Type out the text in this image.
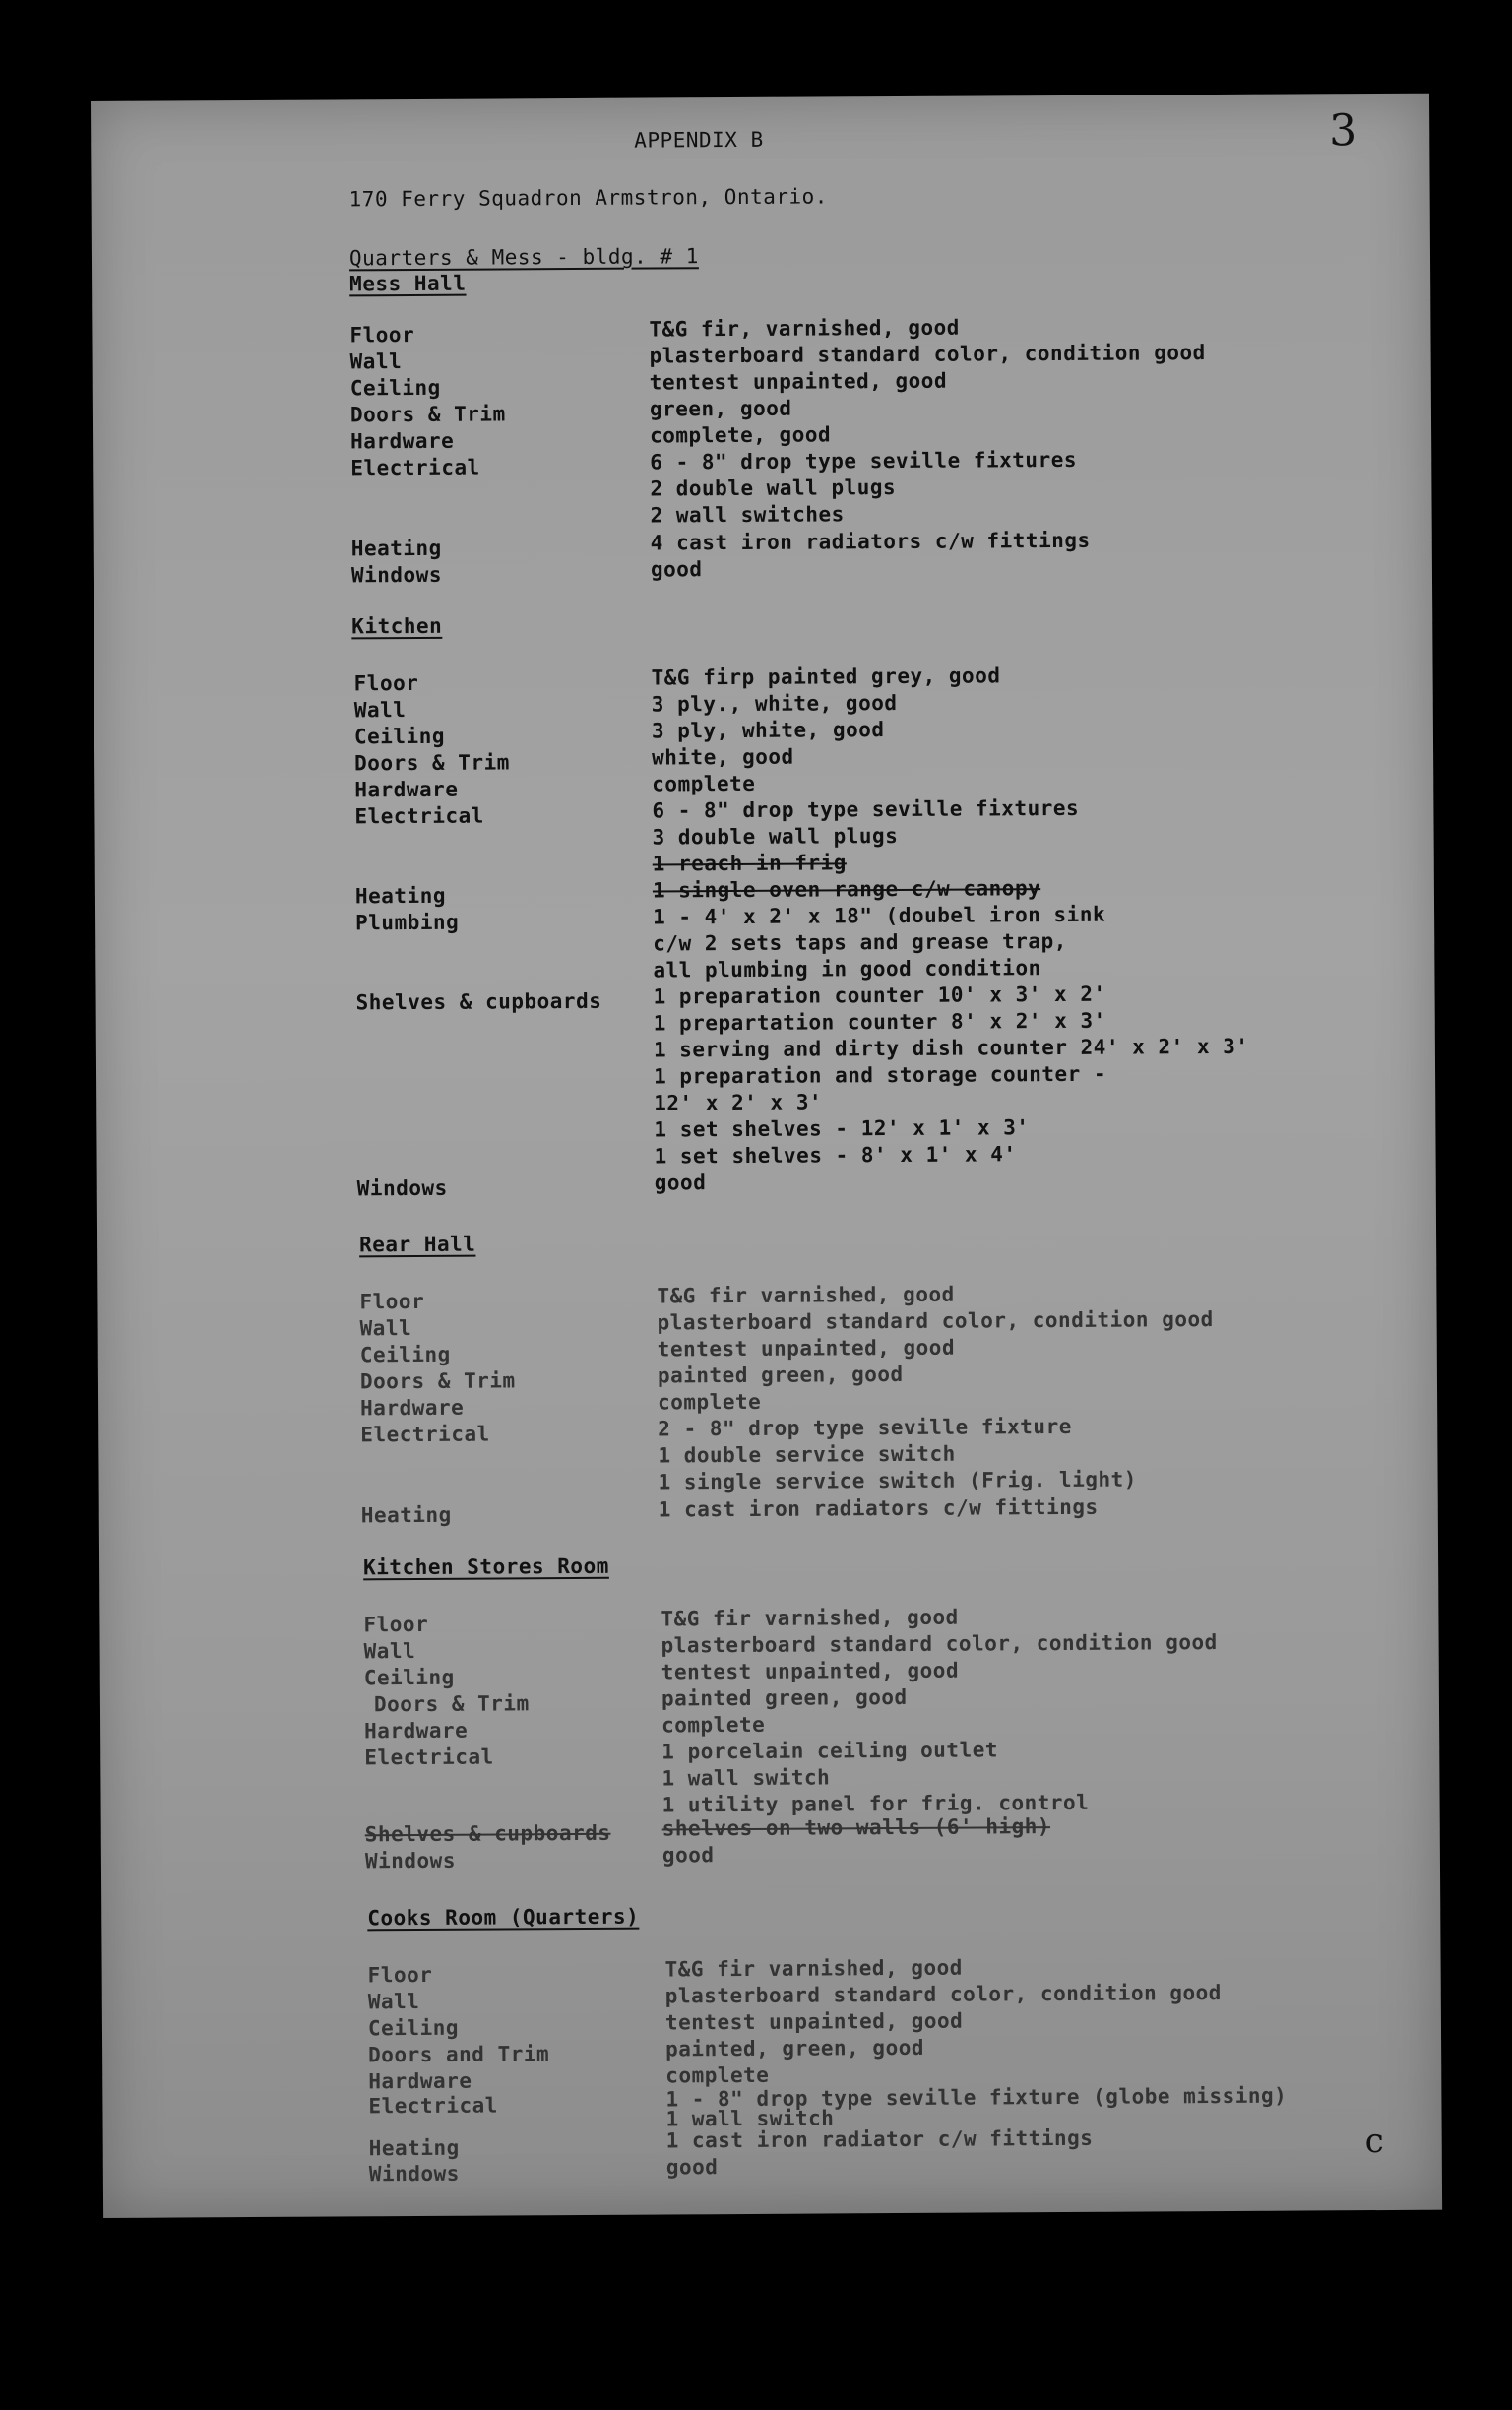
APPENDIX B	3
170 Ferry Squadron Armstron, Ontario.
Quarters & Mess - bldg. # 1
Mess Hall
Floor	T&G fir, varnished, good
Wall	plasterboard standard color, condition good
Ceiling	tentest unpainted, good
Doors & Trim	green, good
Hardware	complete, good
Electrical	6 - 8" drop type seville fixtures
2 double wall plugs
2 wall switches
Heating	4 cast iron radiators c/w fittings
Windows	good
Kitchen
Floor	T&G firp painted grey, good
Wall	3 ply., white, good
Ceiling	3 ply, white, good
Doors & Trim	white, good
Hardware	complete
Electrical	6 - 8" drop type seville fixtures
3 double wall plugs
1 reach in frig
Heating	1 single oven range c/w canopy
Plumbing	1 - 4' x 2' x 18" (doubel iron sink
c/w 2 sets taps and grease trap,
all plumbing in good condition
Shelves & cupboards 1 preparation counter 10' x 3' x 2'
1 prepartation counter 8' x 2' x 3'
1 serving and dirty dish counter 24' x 2' x 3'
1 preparation and storage counter -
12' x 2' x 3'
1 set shelves - 12' x 1' x 3'
1 set shelves - 8' x 1' x 4'
Windows	good
Rear Hall
Floor	T&G fir varnished, good
Wall	plasterboard standard color, condition good
Ceiling	tentest unpainted, good
Doors & Trim	painted green, good
Hardware	complete
Electrical	2 - 8" drop type seville fixture
1 double service switch
1 single service switch (Frig. light)
Heating	1 cast iron radiators c/w fittings
Kitchen Stores Room
Floor	T&G fir varnished, good
Wall	plasterboard standard color, condition good
Ceiling	tentest unpainted, good
Doors & Trim	painted green, good
Hardware	complete
Electrical	1 porcelain ceiling outlet
1 wall switch
1 utility panel for frig. control
Shelves & cupboards shelves on two walls (6' high)
Windows	good
Cooks Room (Quarters)
Floor	T&G fir varnished, good
Wall	plasterboard standard color, condition good
Ceiling	tentest unpainted, good
Doors and Trim	painted, green, good
Hardware	complete
Electrical	1 - 8" drop type seville fixture (globe missing)
1 wall switch
Heating	1 cast iron radiator c/w fittings
Windows	good
c
